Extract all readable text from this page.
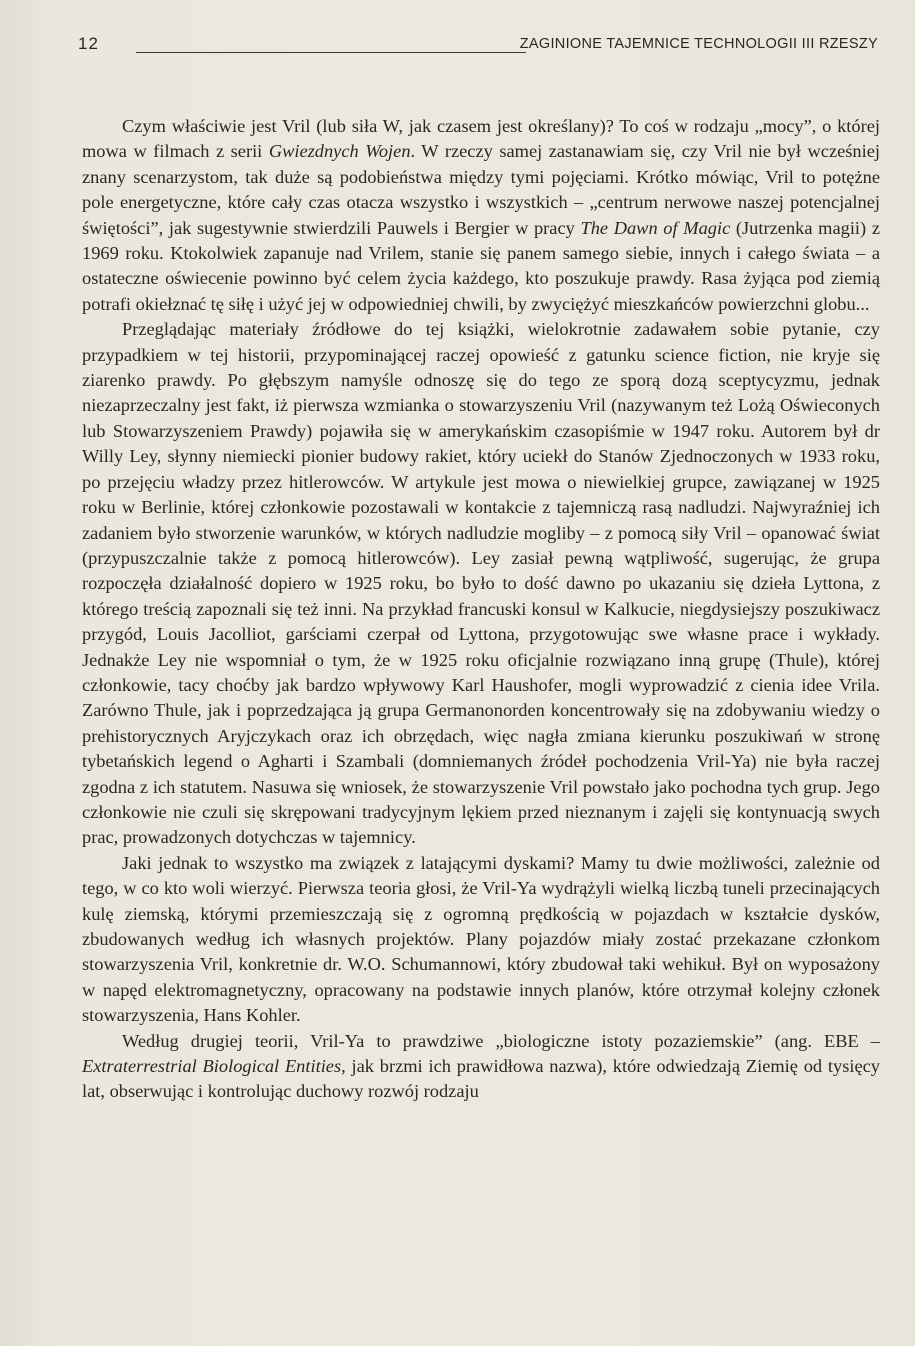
12	ZAGINIONE TAJEMNICE TECHNOLOGII III RZESZY

Czym właściwie jest Vril (lub siła W, jak czasem jest określany)? To coś w rodzaju „mocy”, o której mowa w filmach z serii Gwiezdnych Wojen. W rzeczy samej zastanawiam się, czy Vril nie był wcześniej znany scenarzystom, tak duże są podobieństwa między tymi pojęciami. Krótko mówiąc, Vril to potężne pole energetyczne, które cały czas otacza wszystko i wszystkich – „centrum nerwowe naszej potencjalnej świętości”, jak sugestywnie stwierdzili Pauwels i Bergier w pracy The Dawn of Magic (Jutrzenka magii) z 1969 roku. Ktokolwiek zapanuje nad Vrilem, stanie się panem samego siebie, innych i całego świata – a ostateczne oświecenie powinno być celem życia każdego, kto poszukuje prawdy. Rasa żyjąca pod ziemią potrafi okiełznać tę siłę i użyć jej w odpowiedniej chwili, by zwyciężyć mieszkańców powierzchni globu...

Przeglądając materiały źródłowe do tej książki, wielokrotnie zadawałem sobie pytanie, czy przypadkiem w tej historii, przypominającej raczej opowieść z gatunku science fiction, nie kryje się ziarenko prawdy. Po głębszym namyśle odnoszę się do tego ze sporą dozą sceptycyzmu, jednak niezaprzeczalny jest fakt, iż pierwsza wzmianka o stowarzyszeniu Vril (nazywanym też Lożą Oświeconych lub Stowarzyszeniem Prawdy) pojawiła się w amerykańskim czasopiśmie w 1947 roku. Autorem był dr Willy Ley, słynny niemiecki pionier budowy rakiet, który uciekł do Stanów Zjednoczonych w 1933 roku, po przejęciu władzy przez hitlerowców. W artykule jest mowa o niewielkiej grupce, zawiązanej w 1925 roku w Berlinie, której członkowie pozostawali w kontakcie z tajemniczą rasą nadludzi. Najwyraźniej ich zadaniem było stworzenie warunków, w których nadludzie mogliby – z pomocą siły Vril – opanować świat (przypuszczalnie także z pomocą hitlerowców). Ley zasiał pewną wątpliwość, sugerując, że grupa rozpoczęła działalność dopiero w 1925 roku, bo było to dość dawno po ukazaniu się dzieła Lyttona, z którego treścią zapoznali się też inni. Na przykład francuski konsul w Kalkucie, niegdysiejszy poszukiwacz przygód, Louis Jacolliot, garściami czerpał od Lyttona, przygotowując swe własne prace i wykłady. Jednakże Ley nie wspomniał o tym, że w 1925 roku oficjalnie rozwiązano inną grupę (Thule), której członkowie, tacy choćby jak bardzo wpływowy Karl Haushofer, mogli wyprowadzić z cienia idee Vrila. Zarówno Thule, jak i poprzedzająca ją grupa Germanonorden koncentrowały się na zdobywaniu wiedzy o prehistorycznych Aryjczykach oraz ich obrzędach, więc nagła zmiana kierunku poszukiwań w stronę tybetańskich legend o Agharti i Szambali (domniemanych źródeł pochodzenia Vril-Ya) nie była raczej zgodna z ich statutem. Nasuwa się wniosek, że stowarzyszenie Vril powstało jako pochodna tych grup. Jego członkowie nie czuli się skrępowani tradycyjnym lękiem przed nieznanym i zajęli się kontynuacją swych prac, prowadzonych dotychczas w tajemnicy.

Jaki jednak to wszystko ma związek z latającymi dyskami? Mamy tu dwie możliwości, zależnie od tego, w co kto woli wierzyć. Pierwsza teoria głosi, że Vril-Ya wydrążyli wielką liczbą tuneli przecinających kulę ziemską, którymi przemieszczają się z ogromną prędkością w pojazdach w kształcie dysków, zbudowanych według ich własnych projektów. Plany pojazdów miały zostać przekazane członkom stowarzyszenia Vril, konkretnie dr. W.O. Schumannowi, który zbudował taki wehikuł. Był on wyposażony w napęd elektromagnetyczny, opracowany na podstawie innych planów, które otrzymał kolejny członek stowarzyszenia, Hans Kohler.

Według drugiej teorii, Vril-Ya to prawdziwe „biologiczne istoty pozaziemskie” (ang. EBE – Extraterrestrial Biological Entities, jak brzmi ich prawidłowa nazwa), które odwiedzają Ziemię od tysięcy lat, obserwując i kontrolując duchowy rozwój rodzaju
